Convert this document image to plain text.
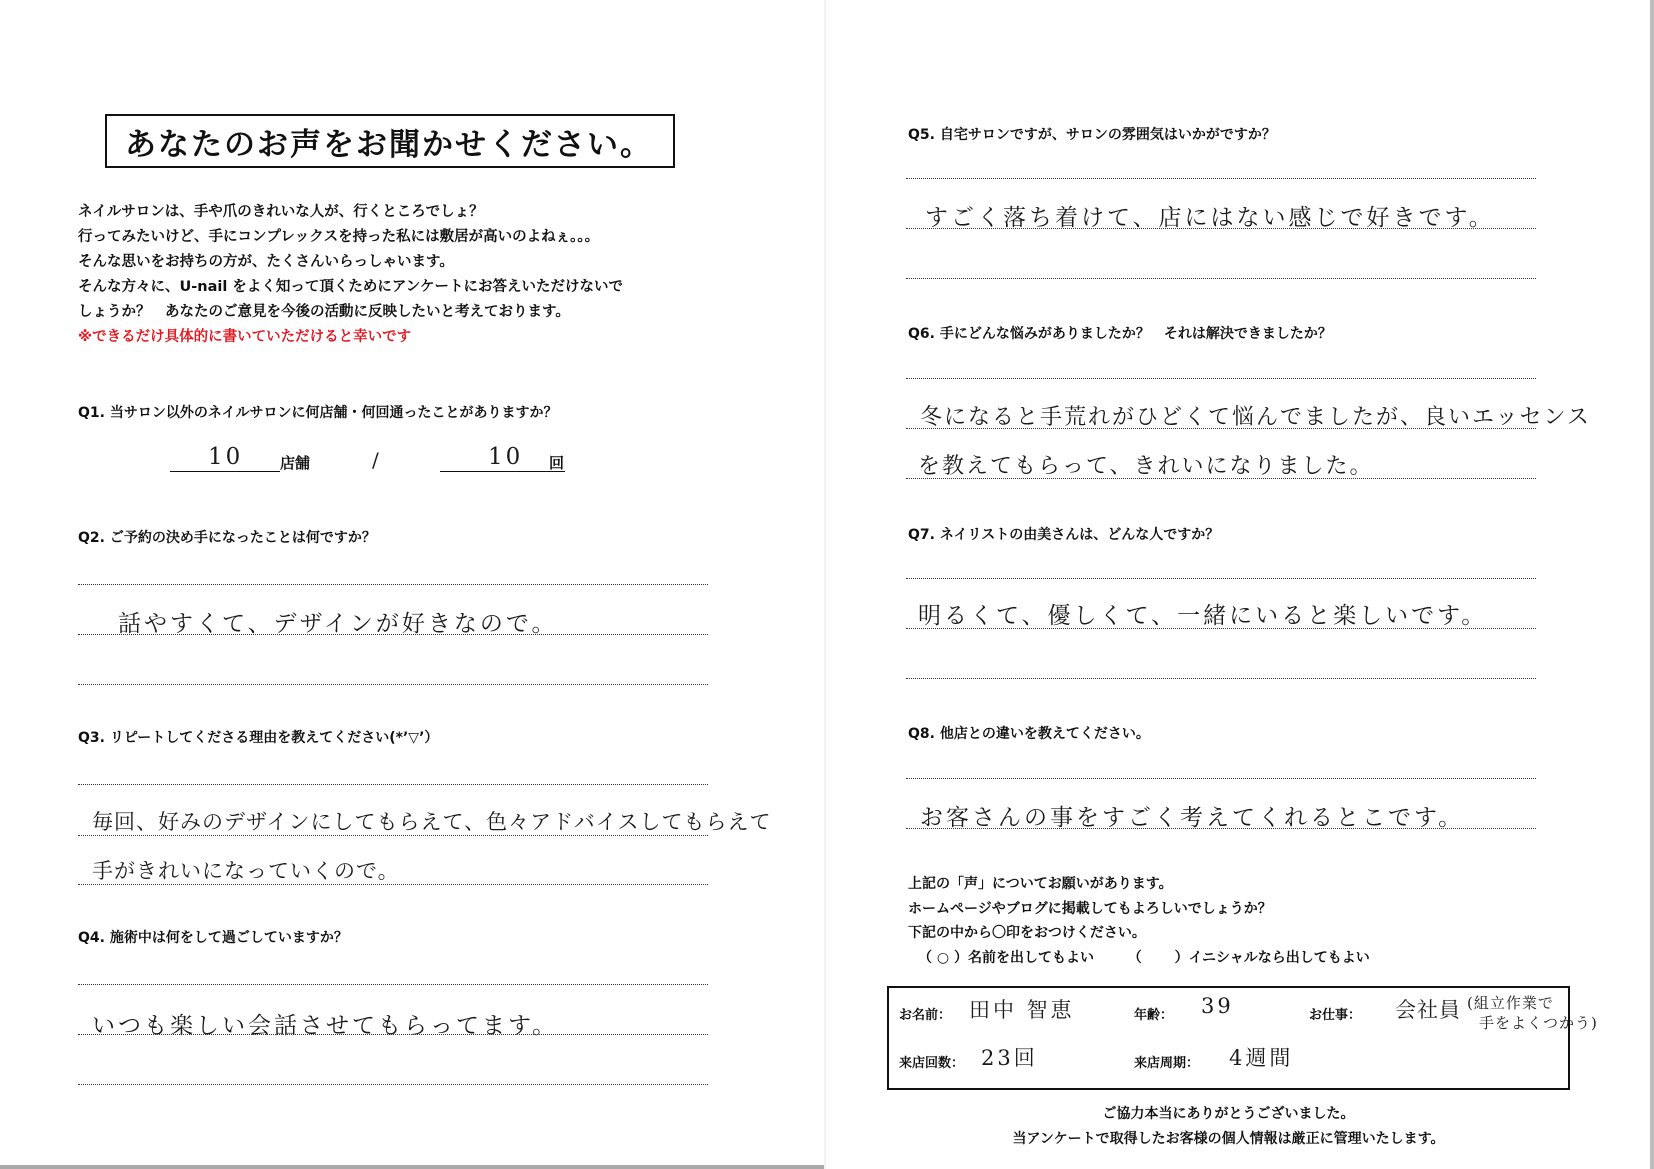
あなたのお声をお聞かせください。
ネイルサロンは、手や爪のきれいな人が、行くところでしょ？
行ってみたいけど、手にコンプレックスを持った私には敷居が高いのよねぇ。。。
そんな思いをお持ちの方が、たくさんいらっしゃいます。
そんな方々に、U-nail をよく知って頂くためにアンケートにお答えいただけないで
しょうか？　あなたのご意見を今後の活動に反映したいと考えております。
※できるだけ具体的に書いていただけると幸いです
Q1. 当サロン以外のネイルサロンに何店舗・何回通ったことがありますか？
10 店舗	/	10 回
Q2. ご予約の決め手になったことは何ですか？
話やすくて、デザインが好きなので。
Q3. リピートしてくださる理由を教えてください(*’▽’）
毎回、好みのデザインにしてもらえて、色々アドバイスしてもらえて
手がきれいになっていくので。
Q4. 施術中は何をして過ごしていますか？
いつも楽しい会話させてもらってます。
Q5. 自宅サロンですが、サロンの雰囲気はいかがですか？
すごく落ち着けて、店にはない感じで好きです。
Q6. 手にどんな悩みがありましたか？　それは解決できましたか？
冬になると手荒れがひどくて悩んでましたが、良いエッセンス
を教えてもらって、きれいになりました。
Q7. ネイリストの由美さんは、どんな人ですか？
明るくて、優しくて、一緒にいると楽しいです。
Q8. 他店との違いを教えてください。
お客さんの事をすごく考えてくれるとこです。
上記の「声」についてお願いがあります。
ホームページやブログに掲載してもよろしいでしょうか？
下記の中から〇印をおつけください。
（ ○ ）名前を出してもよい （　　 ）イニシャルなら出してもよい
お名前： 田中 智恵	年齢： 39	お仕事： 会社員 (組立作業で
手をよくつかう)
来店回数： 23回	来店周期： 4週間
ご協力本当にありがとうございました。
当アンケートで取得したお客様の個人情報は厳正に管理いたします。
